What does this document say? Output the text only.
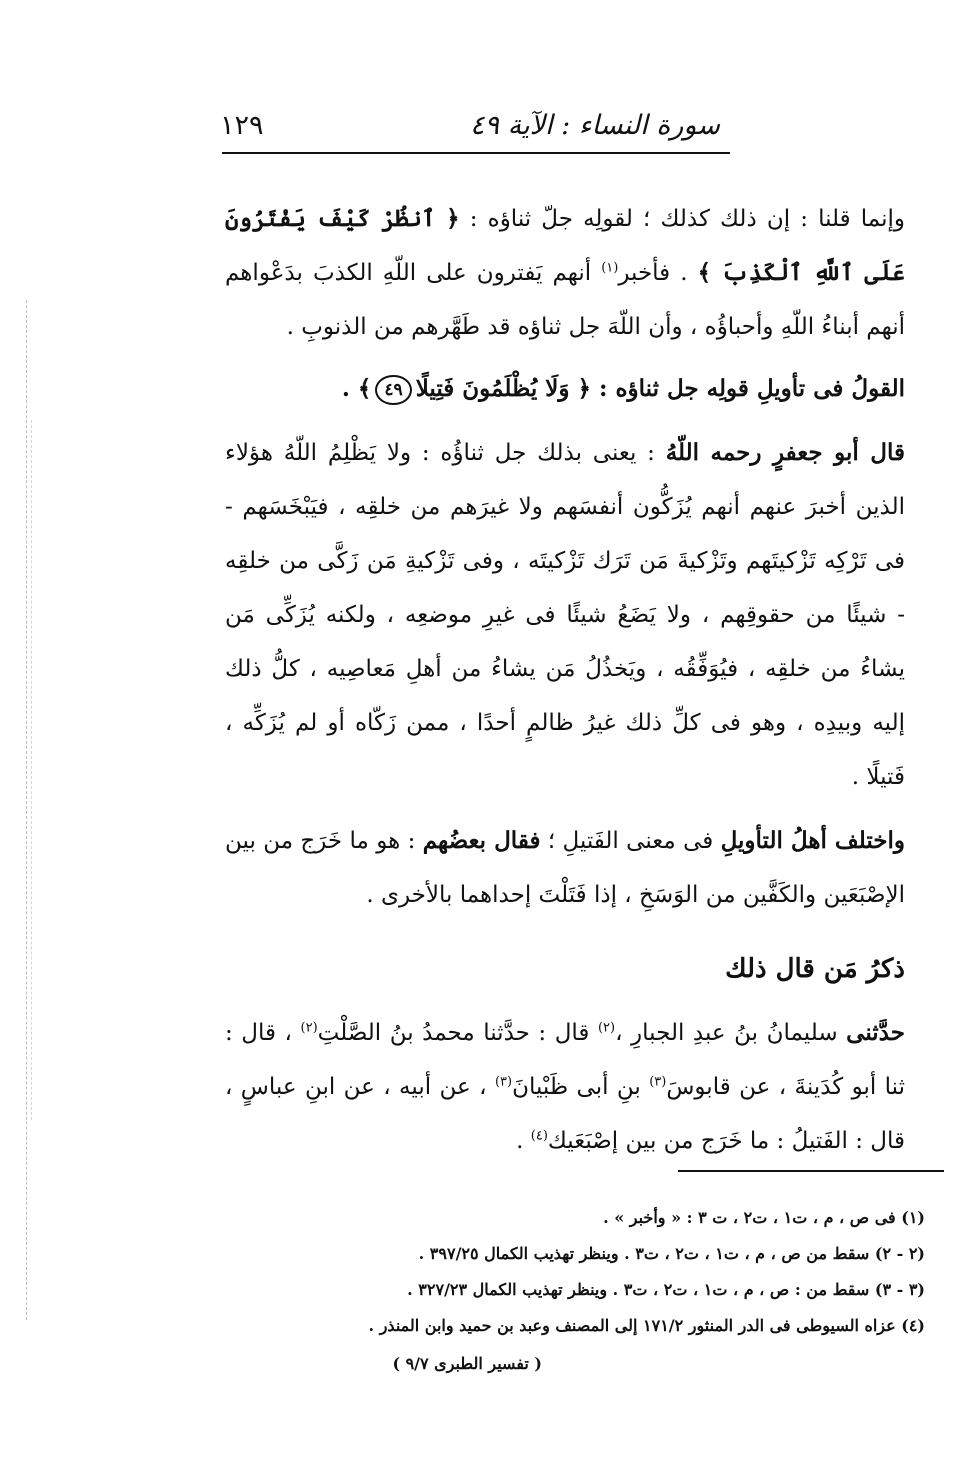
سورة النساء : الآية ٤٩
١٢٩

وإنما قلنا : إن ذلك كذلك ؛ لقولِه جلّ ثناؤه : ﴿ ٱنظُرْ كَيْفَ يَفْتَرُونَ عَلَى ٱللَّهِ ٱلْكَذِبَ ﴾ . فأخبر$^{(١)}$ أنهم يَفترون على اللّهِ الكذبَ بدَعْواهم أنهم أبناءُ اللّهِ وأحباؤُه ، وأن اللّهَ جل ثناؤه قد طَهَّرهم من الذنوبِ .

القولُ فى تأويلِ قولِه جل ثناؤه : ﴿ وَلَا يُظْلَمُونَ فَتِيلًا٤٩﴾ .

قال أبو جعفرٍ رحمه اللّهُ : يعنى بذلك جل ثناؤُه : ولا يَظْلِمُ اللّهُ هؤلاء الذين أخبرَ عنهم أنهم يُزَكُّون أنفسَهم ولا غيرَهم من خلقِه ، فيَبْخَسَهم - فى تَرْكِه تَزْكيتَهم وتَزْكيةَ مَن تَرَك تَزْكيتَه ، وفى تَزْكيةِ مَن زَكَّى من خلقِه - شيئًا من حقوقِهم ، ولا يَضَعُ شيئًا فى غيرِ موضعِه ، ولكنه يُزَكِّى مَن يشاءُ من خلقِه ، فيُوَفِّقُه ، ويَخذُلُ مَن يشاءُ من أهلِ مَعاصِيه ، كلُّ ذلك إليه وبيدِه ، وهو فى كلِّ ذلك غيرُ ظالمٍ أحدًا ، ممن زَكّاه أو لم يُزَكِّه ، فَتيلًا .

واختلف أهلُ التأويلِ فى معنى الفَتيلِ ؛ فقال بعضُهم : هو ما خَرَج من بين الإصْبَعَين والكَفَّين من الوَسَخِ ، إذا فَتَلْتَ إحداهما بالأخرى .

ذكرُ مَن قال ذلك

حدَّثنى سليمانُ بنُ عبدِ الجبارِ ،$^{(٢)}$ قال : حدَّثنا محمدُ بنُ الصَّلْتِ$^{(٢)}$ ، قال : ثنا أبو كُدَينةَ ، عن قابوسَ$^{(٣)}$ بنِ أبى ظَبْيانَ$^{(٣)}$ ، عن أبيه ، عن ابنِ عباسٍ ، قال : الفَتيلُ : ما خَرَج من بين إصْبَعَيك$^{(٤)}$ .

(١) فى ص ، م ، ت١ ، ت٢ ، ت ٣ : « وأخبر » .

(٢ - ٢) سقط من ص ، م ، ت١ ، ت٢ ، ت٣ . وينظر تهذيب الكمال ٣٩٧/٢٥ .

(٣ - ٣) سقط من : ص ، م ، ت١ ، ت٢ ، ت٣ . وينظر تهذيب الكمال ٣٢٧/٢٣ .

(٤) عزاه السيوطى فى الدر المنثور ١٧١/٢ إلى المصنف وعبد بن حميد وابن المنذر .

( تفسير الطبرى ٩/٧ )
